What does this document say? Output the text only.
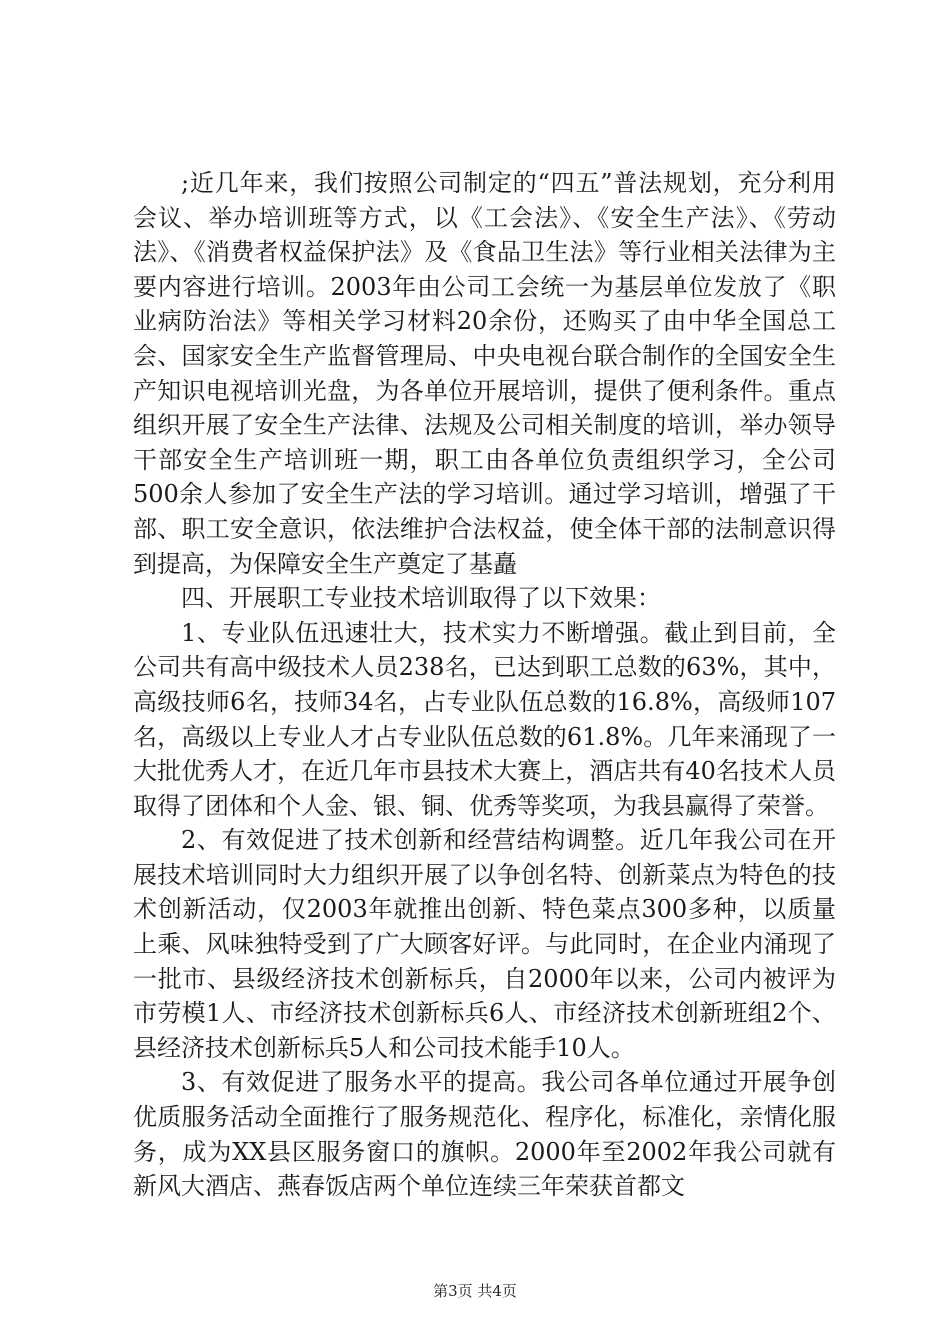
;近几年来，我们按照公司制定的“四五”普法规划，充分利用会议、举办培训班等方式，以《工会法》、《安全生产法》、《劳动法》、《消费者权益保护法》及《食品卫生法》等行业相关法律为主要内容进行培训。2003年由公司工会统一为基层单位发放了《职业病防治法》等相关学习材料20余份，还购买了由中华全国总工会、国家安全生产监督管理局、中央电视台联合制作的全国安全生产知识电视培训光盘，为各单位开展培训，提供了便利条件。重点组织开展了安全生产法律、法规及公司相关制度的培训，举办领导干部安全生产培训班一期，职工由各单位负责组织学习，全公司500余人参加了安全生产法的学习培训。通过学习培训，增强了干部、职工安全意识，依法维护合法权益，使全体干部的法制意识得到提高，为保障安全生产奠定了基矗

四、开展职工专业技术培训取得了以下效果：

1、专业队伍迅速壮大，技术实力不断增强。截止到目前，全公司共有高中级技术人员238名，已达到职工总数的63%，其中，高级技师6名，技师34名，占专业队伍总数的16.8%，高级师107名，高级以上专业人才占专业队伍总数的61.8%。几年来涌现了一大批优秀人才，在近几年市县技术大赛上，酒店共有40名技术人员取得了团体和个人金、银、铜、优秀等奖项，为我县赢得了荣誉。

2、有效促进了技术创新和经营结构调整。近几年我公司在开展技术培训同时大力组织开展了以争创名特、创新菜点为特色的技术创新活动，仅2003年就推出创新、特色菜点300多种，以质量上乘、风味独特受到了广大顾客好评。与此同时，在企业内涌现了一批市、县级经济技术创新标兵，自2000年以来，公司内被评为市劳模1人、市经济技术创新标兵6人、市经济技术创新班组2个、县经济技术创新标兵5人和公司技术能手10人。

3、有效促进了服务水平的提高。我公司各单位通过开展争创优质服务活动全面推行了服务规范化、程序化，标准化，亲情化服务，成为XX县区服务窗口的旗帜。2000年至2002年我公司就有新风大酒店、燕春饭店两个单位连续三年荣获首都文

第3页 共4页
